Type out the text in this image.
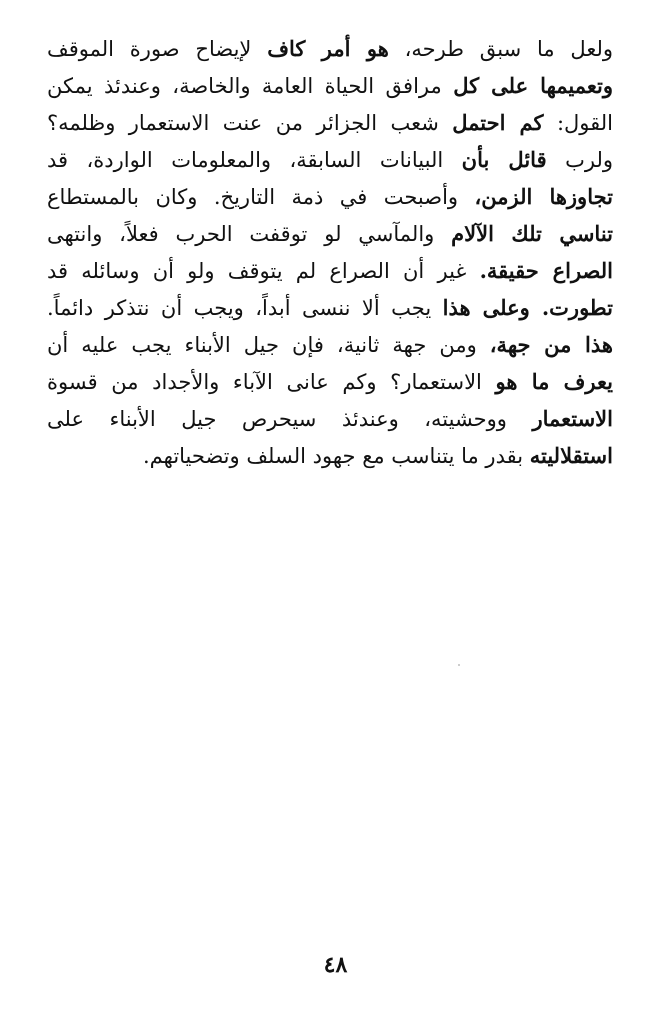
ولعل ما سبق طرحه، هو أمر كاف لإيضاح صورة الموقف
وتعميمها على كل مرافق الحياة العامة والخاصة، وعندئذ يمكن
القول: كم احتمل شعب الجزائر من عنت الاستعمار وظلمه؟
ولرب قائل بأن البيانات السابقة، والمعلومات الواردة، قد
تجاوزها الزمن، وأصبحت في ذمة التاريخ. وكان بالمستطاع
تناسي تلك الآلام والمآسي لو توقفت الحرب فعلاً، وانتهى
الصراع حقيقة. غير أن الصراع لم يتوقف ولو أن وسائله قد
تطورت. وعلى هذا يجب ألا ننسى أبداً، ويجب أن نتذكر دائماً.
هذا من جهة، ومن جهة ثانية، فإن جيل الأبناء يجب عليه أن
يعرف ما هو الاستعمار؟ وكم عانى الآباء والأجداد من قسوة
الاستعمار ووحشيته، وعندئذ سيحرص جيل الأبناء على
استقلاليته بقدر ما يتناسب مع جهود السلف وتضحياتهم.
٤٨
